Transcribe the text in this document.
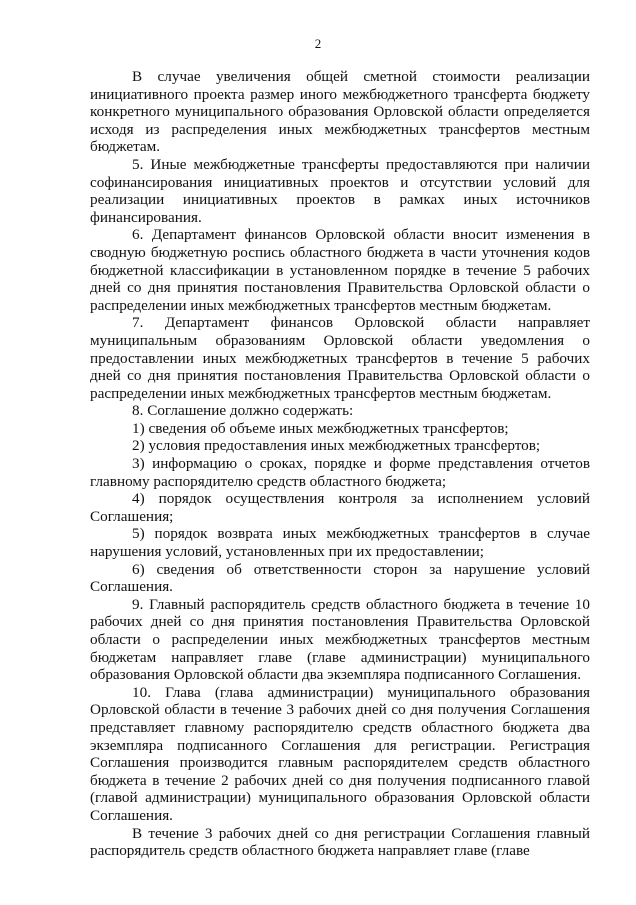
2

В случае увеличения общей сметной стоимости реализации инициативного проекта размер иного межбюджетного трансферта бюджету конкретного муниципального образования Орловской области определяется исходя из распределения иных межбюджетных трансфертов местным бюджетам.

5. Иные межбюджетные трансферты предоставляются при наличии софинансирования инициативных проектов и отсутствии условий для реализации инициативных проектов в рамках иных источников финансирования.

6. Департамент финансов Орловской области вносит изменения в сводную бюджетную роспись областного бюджета в части уточнения кодов бюджетной классификации в установленном порядке в течение 5 рабочих дней со дня принятия постановления Правительства Орловской области о распределении иных межбюджетных трансфертов местным бюджетам.

7. Департамент финансов Орловской области направляет муниципальным образованиям Орловской области уведомления о предоставлении иных межбюджетных трансфертов в течение 5 рабочих дней со дня принятия постановления Правительства Орловской области о распределении иных межбюджетных трансфертов местным бюджетам.

8. Соглашение должно содержать:

1) сведения об объеме иных межбюджетных трансфертов;

2) условия предоставления иных межбюджетных трансфертов;

3) информацию о сроках, порядке и форме представления отчетов главному распорядителю средств областного бюджета;

4) порядок осуществления контроля за исполнением условий Соглашения;

5) порядок возврата иных межбюджетных трансфертов в случае нарушения условий, установленных при их предоставлении;

6) сведения об ответственности сторон за нарушение условий Соглашения.

9. Главный распорядитель средств областного бюджета в течение 10 рабочих дней со дня принятия постановления Правительства Орловской области о распределении иных межбюджетных трансфертов местным бюджетам направляет главе (главе администрации) муниципального образования Орловской области два экземпляра подписанного Соглашения.

10. Глава (глава администрации) муниципального образования Орловской области в течение 3 рабочих дней со дня получения Соглашения представляет главному распорядителю средств областного бюджета два экземпляра подписанного Соглашения для регистрации. Регистрация Соглашения производится главным распорядителем средств областного бюджета в течение 2 рабочих дней со дня получения подписанного главой (главой администрации) муниципального образования Орловской области Соглашения.

В течение 3 рабочих дней со дня регистрации Соглашения главный распорядитель средств областного бюджета направляет главе (главе
